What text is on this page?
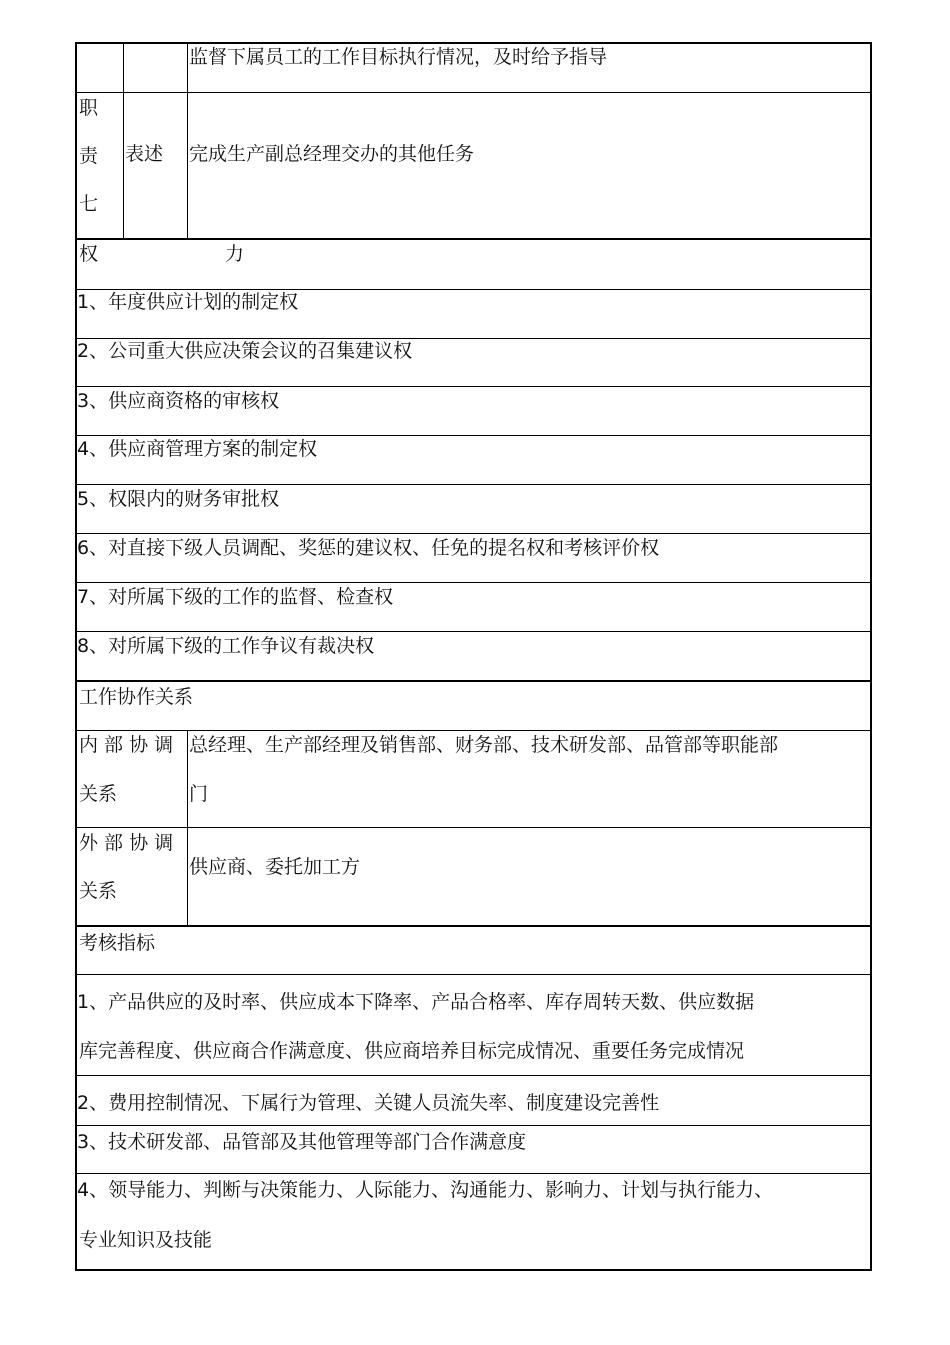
监督下属员工的工作目标执行情况，及时给予指导
职
责
七
表述 完成生产副总经理交办的其他任务
权	力
1、年度供应计划的制定权
2、公司重大供应决策会议的召集建议权
3、供应商资格的审核权
4、供应商管理方案的制定权
5、权限内的财务审批权
6、对直接下级人员调配、奖惩的建议权、任免的提名权和考核评价权
7、对所属下级的工作的监督、检查权
8、对所属下级的工作争议有裁决权
工作协作关系
内 部 协 调
关系
总经理、生产部经理及销售部、财务部、技术研发部、品管部等职能部
门
外 部 协 调
关系
供应商、委托加工方
考核指标
1、产品供应的及时率、供应成本下降率、产品合格率、库存周转天数、供应数据
库完善程度、供应商合作满意度、供应商培养目标完成情况、重要任务完成情况
2、费用控制情况、下属行为管理、关键人员流失率、制度建设完善性
3、技术研发部、品管部及其他管理等部门合作满意度
4、领导能力、判断与决策能力、人际能力、沟通能力、影响力、计划与执行能力、
专业知识及技能
